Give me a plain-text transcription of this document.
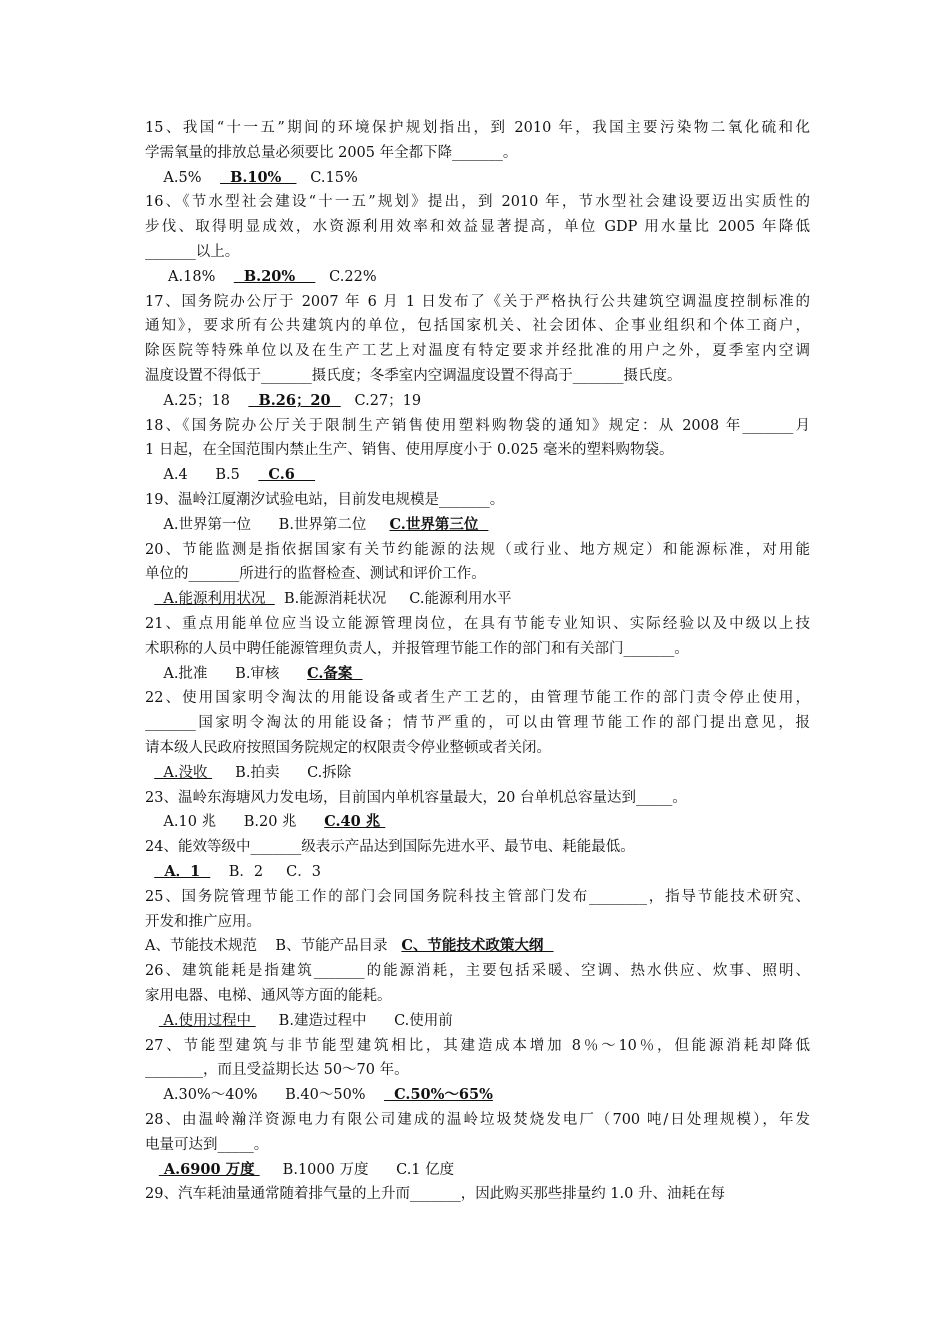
15、我国“十一五”期间的环境保护规划指出，到 2010 年，我国主要污染物二氧化硫和化
学需氧量的排放总量必须要比 2005 年全都下降_______。
A.5%      B.10%      C.15%
16、《节水型社会建设“十一五”规划》提出，到 2010 年，节水型社会建设要迈出实质性的
步伐、取得明显成效，水资源利用效率和效益显著提高，单位 GDP 用水量比 2005 年降低
_______以上。
A.18%      B.20%       C.22%
17、国务院办公厅于 2007 年 6 月 1 日发布了《关于严格执行公共建筑空调温度控制标准的
通知》，要求所有公共建筑内的单位，包括国家机关、社会团体、企事业组织和个体工商户，
除医院等特殊单位以及在生产工艺上对温度有特定要求并经批准的用户之外，夏季室内空调
温度设置不得低于_______摄氏度；冬季室内空调温度设置不得高于_______摄氏度。
A.25；18      B.26；20     C.27；19
18、《国务院办公厅关于限制生产销售使用塑料购物袋的通知》规定：从 2008 年_______月
1 日起，在全国范围内禁止生产、销售、使用厚度小于 0.025 毫米的塑料购物袋。
A.4      B.5      C.6
19、温岭江厦潮汐试验电站，目前发电规模是_______。
A.世界第一位      B.世界第二位     C.世界第三位
20、节能监测是指依据国家有关节约能源的法规（或行业、地方规定）和能源标准，对用能
单位的_______所进行的监督检查、测试和评价工作。
A.能源利用状况    B.能源消耗状况     C.能源利用水平
21、重点用能单位应当设立能源管理岗位，在具有节能专业知识、实际经验以及中级以上技
术职称的人员中聘任能源管理负责人，并报管理节能工作的部门和有关部门_______。
A.批准      B.审核      C.备案
22、使用国家明令淘汰的用能设备或者生产工艺的，由管理节能工作的部门责令停止使用，
_______国家明令淘汰的用能设备；情节严重的，可以由管理节能工作的部门提出意见，报
请本级人民政府按照国务院规定的权限责令停业整顿或者关闭。
A.没收      B.拍卖      C.拆除
23、温岭东海塘风力发电场，目前国内单机容量最大，20 台单机总容量达到_____。
A.10 兆      B.20 兆      C.40 兆
24、能效等级中_______级表示产品达到国际先进水平、最节电、耗能最低。
A．1      B．2     C．3
25、国务院管理节能工作的部门会同国务院科技主管部门发布________，指导节能技术研究、
开发和推广应用。
A、节能技术规范    B、节能产品目录   C、节能技术政策大纲
26、建筑能耗是指建筑_______的能源消耗，主要包括采暖、空调、热水供应、炊事、照明、
家用电器、电梯、通风等方面的能耗。
A.使用过程中      B.建造过程中      C.使用前
27、节能型建筑与非节能型建筑相比，其建造成本增加 8％～10％，但能源消耗却降低
________，而且受益期长达 50～70 年。
A.30%～40%      B.40～50%      C.50%～65%
28、由温岭瀚洋资源电力有限公司建成的温岭垃圾焚烧发电厂（700 吨/日处理规模），年发
电量可达到_____。
A.6900 万度      B.1000 万度      C.1 亿度
29、汽车耗油量通常随着排气量的上升而_______，因此购买那些排量约 1.0 升、油耗在每
